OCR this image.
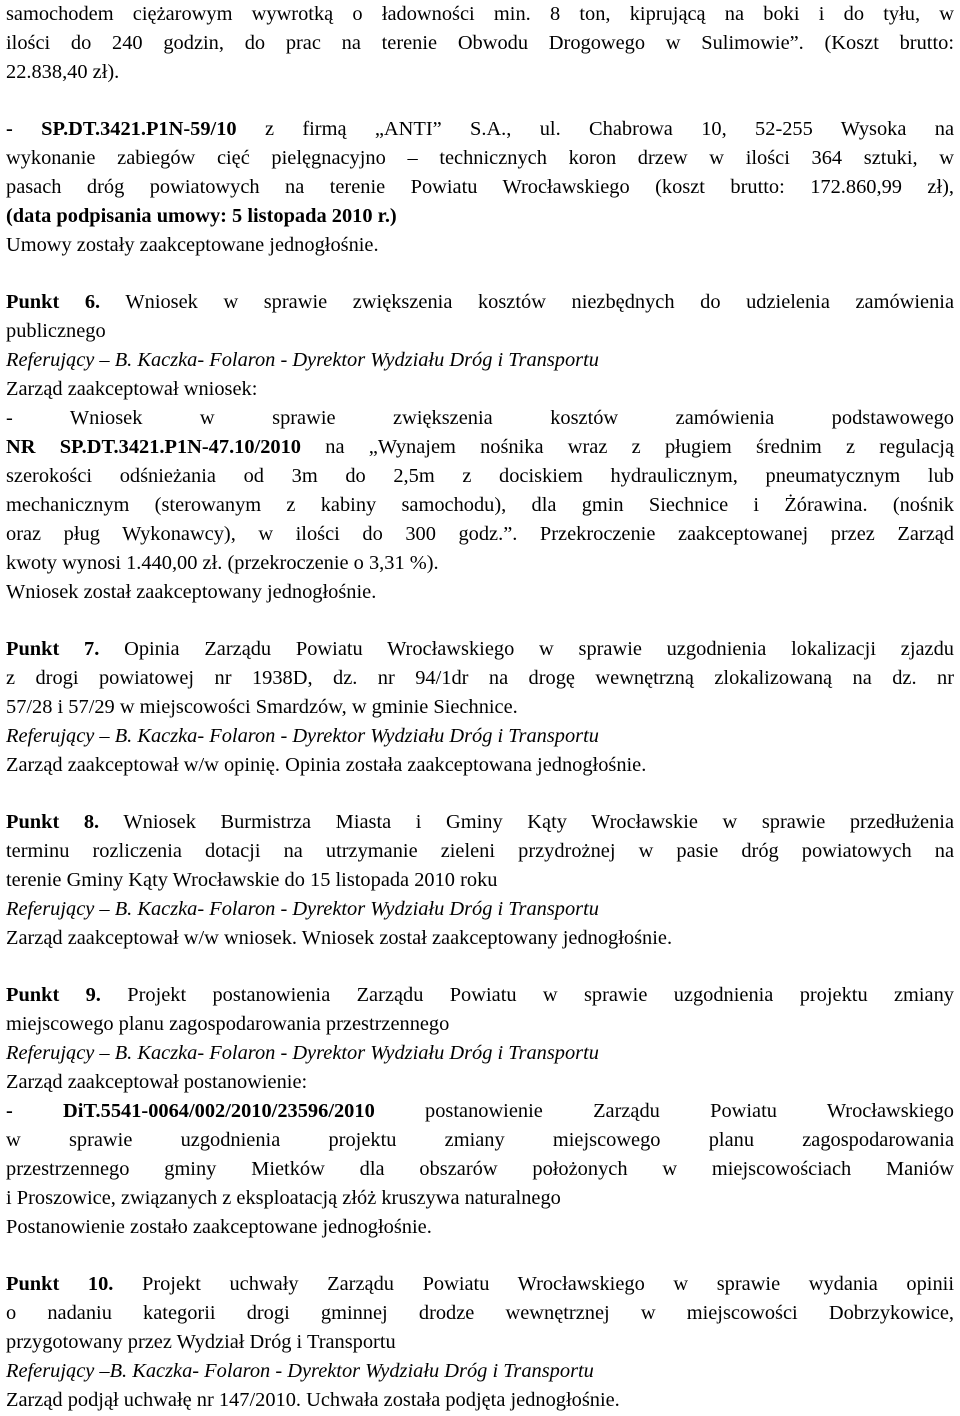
samochodem ciężarowym wywrotką o ładowności min. 8 ton, kiprującą na boki i do tyłu, w
ilości do 240 godzin, do prac na terenie Obwodu Drogowego w Sulimowie”. (Koszt brutto:
22.838,40 zł).
- SP.DT.3421.P1N-59/10 z firmą „ANTI” S.A., ul. Chabrowa 10, 52-255 Wysoka na
wykonanie zabiegów cięć pielęgnacyjno – technicznych koron drzew w ilości 364 sztuki, w
pasach dróg powiatowych na terenie Powiatu Wrocławskiego (koszt brutto: 172.860,99 zł),
(data podpisania umowy: 5 listopada 2010 r.)
Umowy zostały zaakceptowane jednogłośnie.
Punkt 6. Wniosek w sprawie zwiększenia kosztów niezbędnych do udzielenia zamówienia
publicznego
Referujący – B. Kaczka- Folaron - Dyrektor Wydziału Dróg i Transportu
Zarząd zaakceptował wniosek:
- Wniosek w sprawie zwiększenia kosztów zamówienia podstawowego
NR SP.DT.3421.P1N-47.10/2010 na „Wynajem nośnika wraz z pługiem średnim z regulacją
szerokości odśnieżania od 3m do 2,5m z dociskiem hydraulicznym, pneumatycznym lub
mechanicznym (sterowanym z kabiny samochodu), dla gmin Siechnice i Żórawina. (nośnik
oraz pług Wykonawcy), w ilości do 300 godz.”. Przekroczenie zaakceptowanej przez Zarząd
kwoty wynosi 1.440,00 zł. (przekroczenie o 3,31 %).
Wniosek został zaakceptowany jednogłośnie.
Punkt 7. Opinia Zarządu Powiatu Wrocławskiego w sprawie uzgodnienia lokalizacji zjazdu
z drogi powiatowej nr 1938D, dz. nr 94/1dr na drogę wewnętrzną zlokalizowaną na dz. nr
57/28 i 57/29 w miejscowości Smardzów, w gminie Siechnice.
Referujący – B. Kaczka- Folaron - Dyrektor Wydziału Dróg i Transportu
Zarząd zaakceptował w/w opinię. Opinia została zaakceptowana jednogłośnie.
Punkt 8. Wniosek Burmistrza Miasta i Gminy Kąty Wrocławskie w sprawie przedłużenia
terminu rozliczenia dotacji na utrzymanie zieleni przydrożnej w pasie dróg powiatowych na
terenie Gminy Kąty Wrocławskie do 15 listopada 2010 roku
Referujący – B. Kaczka- Folaron - Dyrektor Wydziału Dróg i Transportu
Zarząd zaakceptował w/w wniosek. Wniosek został zaakceptowany jednogłośnie.
Punkt 9. Projekt postanowienia Zarządu Powiatu w sprawie uzgodnienia projektu zmiany
miejscowego planu zagospodarowania przestrzennego
Referujący – B. Kaczka- Folaron - Dyrektor Wydziału Dróg i Transportu
Zarząd zaakceptował postanowienie:
- DiT.5541-0064/002/2010/23596/2010 postanowienie Zarządu Powiatu Wrocławskiego
w sprawie uzgodnienia projektu zmiany miejscowego planu zagospodarowania
przestrzennego gminy Mietków dla obszarów położonych w miejscowościach Maniów
i Proszowice, związanych z eksploatacją złóż kruszywa naturalnego
Postanowienie zostało zaakceptowane jednogłośnie.
Punkt 10. Projekt uchwały Zarządu Powiatu Wrocławskiego w sprawie wydania opinii
o nadaniu kategorii drogi gminnej drodze wewnętrznej w miejscowości Dobrzykowice,
przygotowany przez Wydział Dróg i Transportu
Referujący –B. Kaczka- Folaron - Dyrektor Wydziału Dróg i Transportu
Zarząd podjął uchwałę nr 147/2010. Uchwała została podjęta jednogłośnie.
